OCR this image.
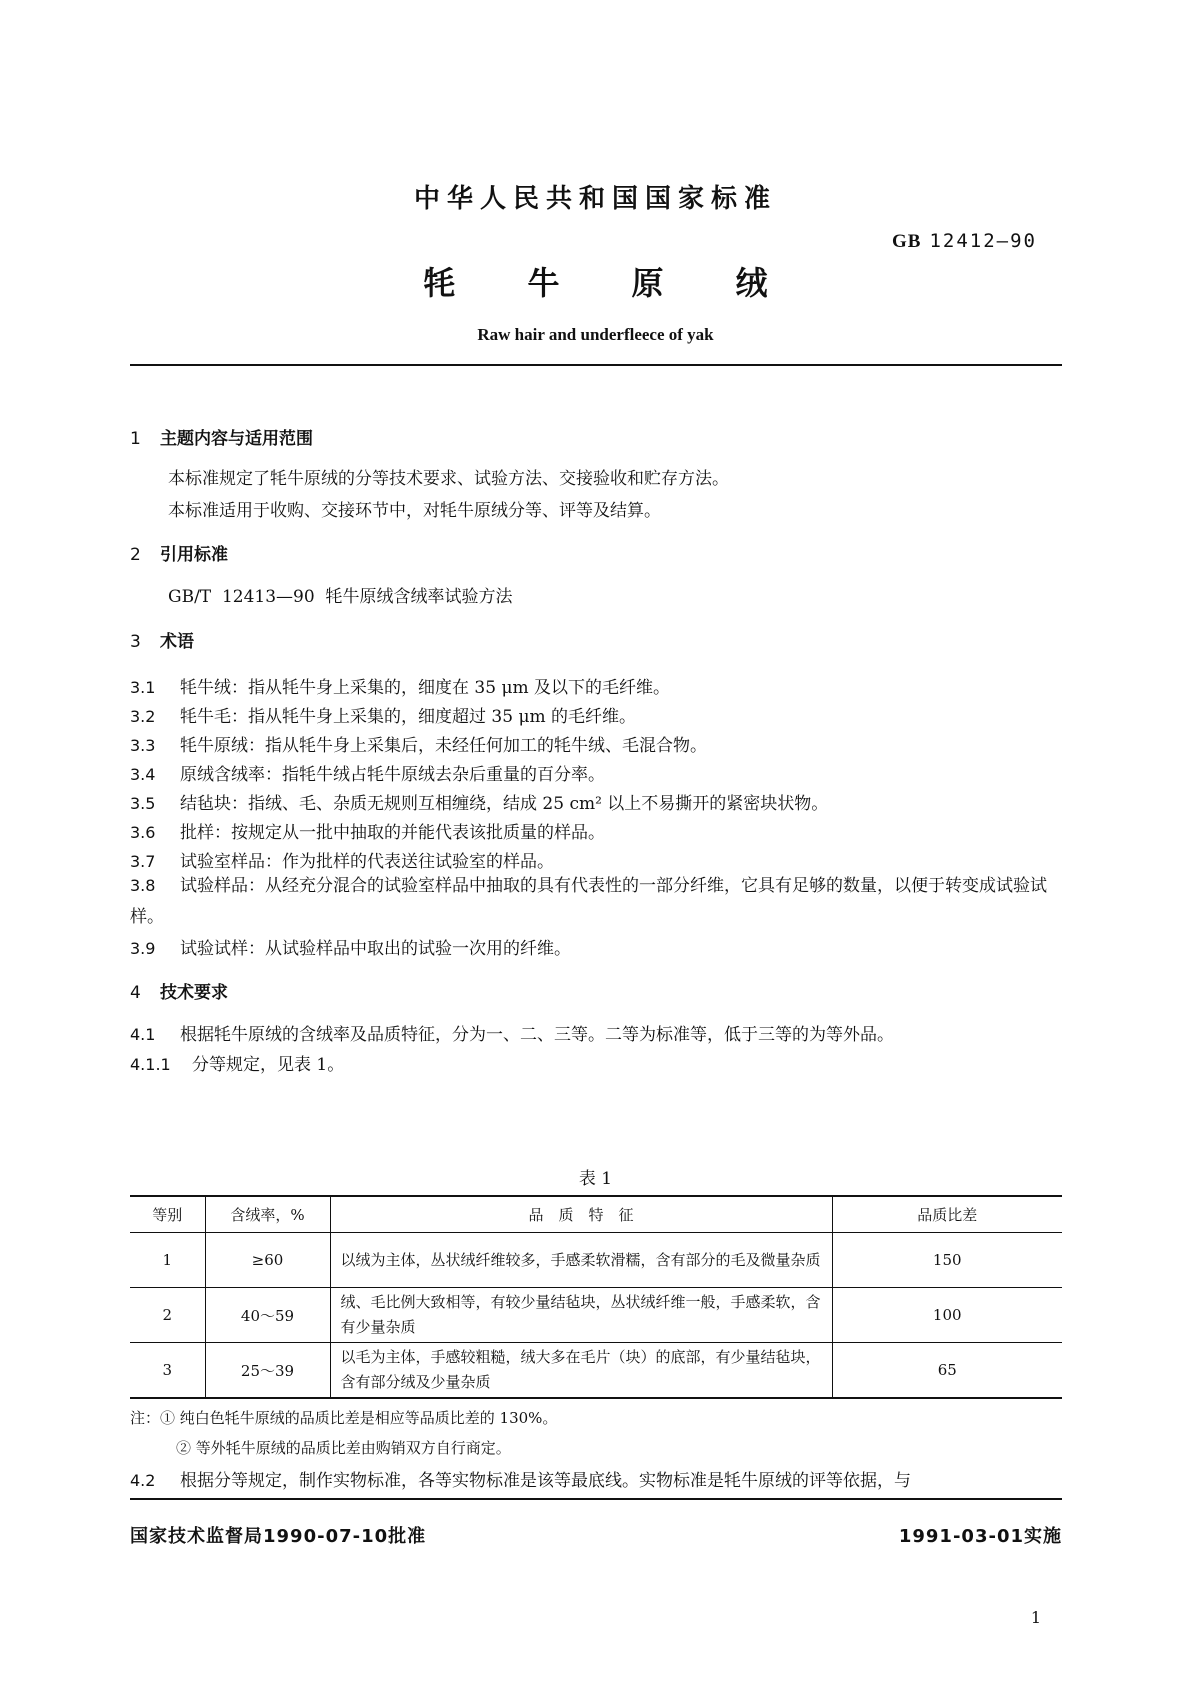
中华人民共和国国家标准
GB 12412—90
牦牛原绒
Raw hair and underfleece of yak
1 主题内容与适用范围
本标准规定了牦牛原绒的分等技术要求、试验方法、交接验收和贮存方法。
本标准适用于收购、交接环节中，对牦牛原绒分等、评等及结算。
2 引用标准
GB/T  12413—90  牦牛原绒含绒率试验方法
3 术语
3.1 牦牛绒：指从牦牛身上采集的，细度在 35 μm 及以下的毛纤维。
3.2 牦牛毛：指从牦牛身上采集的，细度超过 35 μm 的毛纤维。
3.3 牦牛原绒：指从牦牛身上采集后，未经任何加工的牦牛绒、毛混合物。
3.4 原绒含绒率：指牦牛绒占牦牛原绒去杂后重量的百分率。
3.5 结毡块：指绒、毛、杂质无规则互相缠绕，结成 25 cm² 以上不易撕开的紧密块状物。
3.6 批样：按规定从一批中抽取的并能代表该批质量的样品。
3.7 试验室样品：作为批样的代表送往试验室的样品。
3.8 试验样品：从经充分混合的试验室样品中抽取的具有代表性的一部分纤维，它具有足够的数量，以便于转变成试验试样。
3.9 试验试样：从试验样品中取出的试验一次用的纤维。
4 技术要求
4.1 根据牦牛原绒的含绒率及品质特征，分为一、二、三等。二等为标准等，低于三等的为等外品。
4.1.1 分等规定，见表 1。
表 1
等别	含绒率，%	品　质　特　征	品质比差
1	≥60	以绒为主体，丛状绒纤维较多，手感柔软滑糯，含有部分的毛及微量杂质	150
2	40～59	绒、毛比例大致相等，有较少量结毡块，丛状绒纤维一般，手感柔软，含有少量杂质	100
3	25～39	以毛为主体，手感较粗糙，绒大多在毛片（块）的底部，有少量结毡块，含有部分绒及少量杂质	65
注：① 纯白色牦牛原绒的品质比差是相应等品质比差的 130%。
② 等外牦牛原绒的品质比差由购销双方自行商定。
4.2 根据分等规定，制作实物标准，各等实物标准是该等最底线。实物标准是牦牛原绒的评等依据，与
国家技术监督局1990-07-10批准	1991-03-01实施
1
